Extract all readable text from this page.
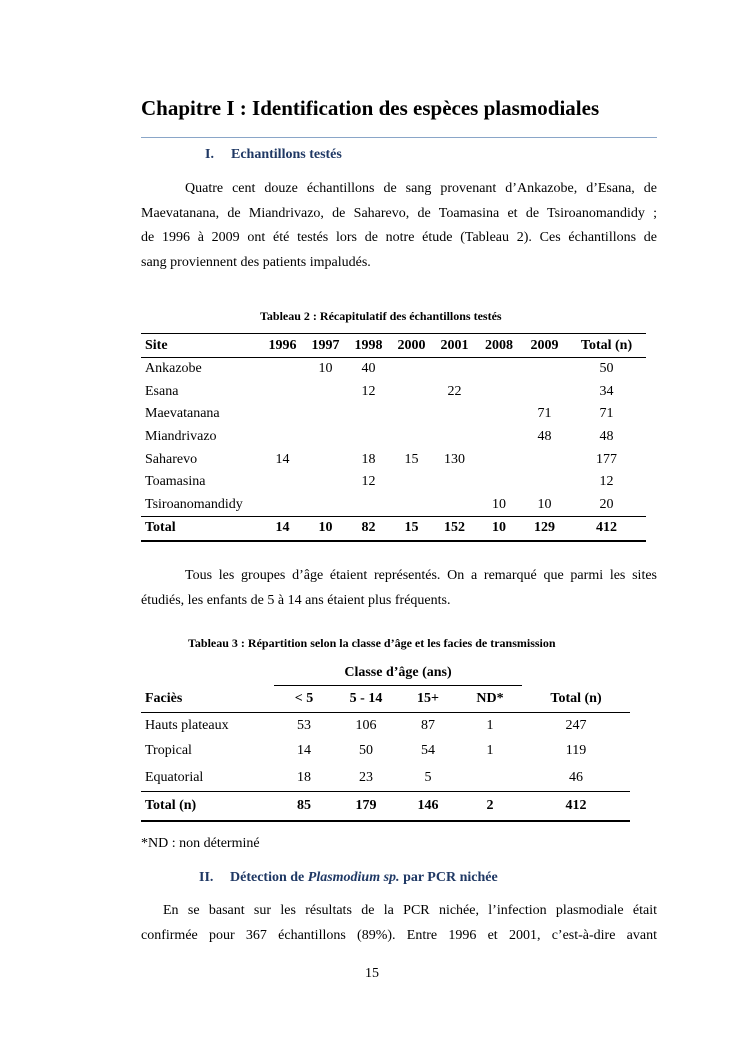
Chapitre I : Identification des espèces plasmodiales
I. Echantillons testés
Quatre cent douze échantillons de sang provenant d’Ankazobe, d’Esana, de
Maevatanana, de Miandrivazo, de Saharevo, de Toamasina et de Tsiroanomandidy ;
de 1996 à 2009 ont été testés lors de notre étude (Tableau 2). Ces échantillons de
sang proviennent des patients impaludés.
Tableau 2 : Récapitulatif des échantillons testés
Site	1996	1997	1998	2000	2001	2008	2009	Total (n)
Ankazobe		10	40					50
Esana			12		22			34
Maevatanana							71	71
Miandrivazo							48	48
Saharevo	14		18	15	130			177
Toamasina			12					12
Tsiroanomandidy						10	10	20
Total	14	10	82	15	152	10	129	412
Tous les groupes d’âge étaient représentés. On a remarqué que parmi les sites
étudiés, les enfants de 5 à 14 ans étaient plus fréquents.
Tableau 3 : Répartition selon la classe d’âge et les facies de transmission
	Classe d’âge (ans)				
Faciès	< 5	5 - 14	15+	ND*	Total (n)
Hauts plateaux	53	106	87	1	247
Tropical	14	50	54	1	119
Equatorial	18	23	5		46
Total (n)	85	179	146	2	412
*ND : non déterminé
II. Détection de Plasmodium sp. par PCR nichée
En se basant sur les résultats de la PCR nichée, l’infection plasmodiale était
confirmée pour 367 échantillons (89%). Entre 1996 et 2001, c’est-à-dire avant
15
